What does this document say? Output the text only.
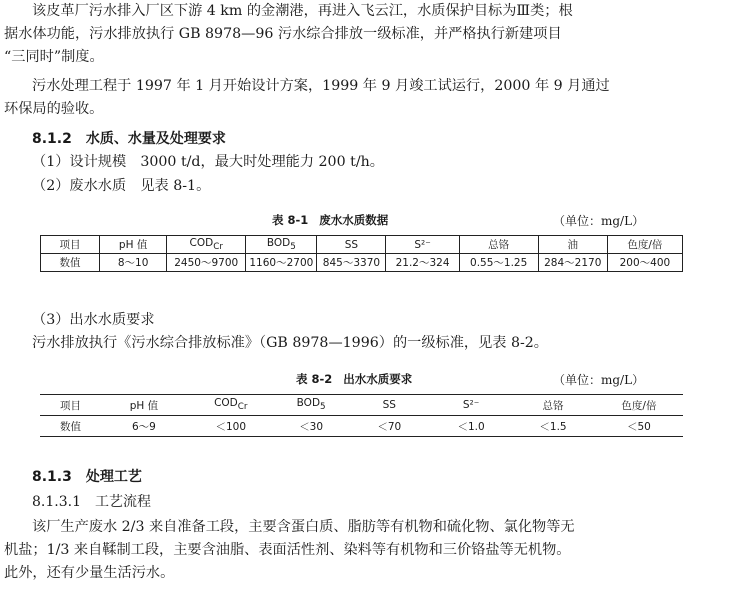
该皮革厂污水排入厂区下游 4 km 的金潮港，再进入飞云江，水质保护目标为Ⅲ类；根
据水体功能，污水排放执行 GB 8978—96 污水综合排放一级标准，并严格执行新建项目
“三同时”制度。
污水处理工程于 1997 年 1 月开始设计方案，1999 年 9 月竣工试运行，2000 年 9 月通过
环保局的验收。
8.1.2　水质、水量及处理要求
（1）设计规模　3000 t/d，最大时处理能力 200 t/h。
（2）废水水质　见表 8-1。
表 8-1 废水水质数据	（单位：mg/L）
项目	pH 值	$COD_{Cr}$	$BOD_5$	SS	S²⁻	总铬	油	色度/倍
数值	8～10	2450～9700	1160～2700	845～3370	21.2～324	0.55～1.25	284～2170	200～400
（3）出水水质要求
污水排放执行《污水综合排放标准》（GB 8978—1996）的一级标准，见表 8-2。
表 8-2 出水水质要求	（单位：mg/L）
项目	pH 值	$COD_{Cr}$	$BOD_5$	SS	S²⁻	总铬	色度/倍
数值	6～9	＜100	＜30	＜70	＜1.0	＜1.5	＜50
8.1.3　处理工艺
8.1.3.1　工艺流程
该厂生产废水 2/3 来自准备工段，主要含蛋白质、脂肪等有机物和硫化物、氯化物等无
机盐；1/3 来自鞣制工段，主要含油脂、表面活性剂、染料等有机物和三价铬盐等无机物。
此外，还有少量生活污水。
